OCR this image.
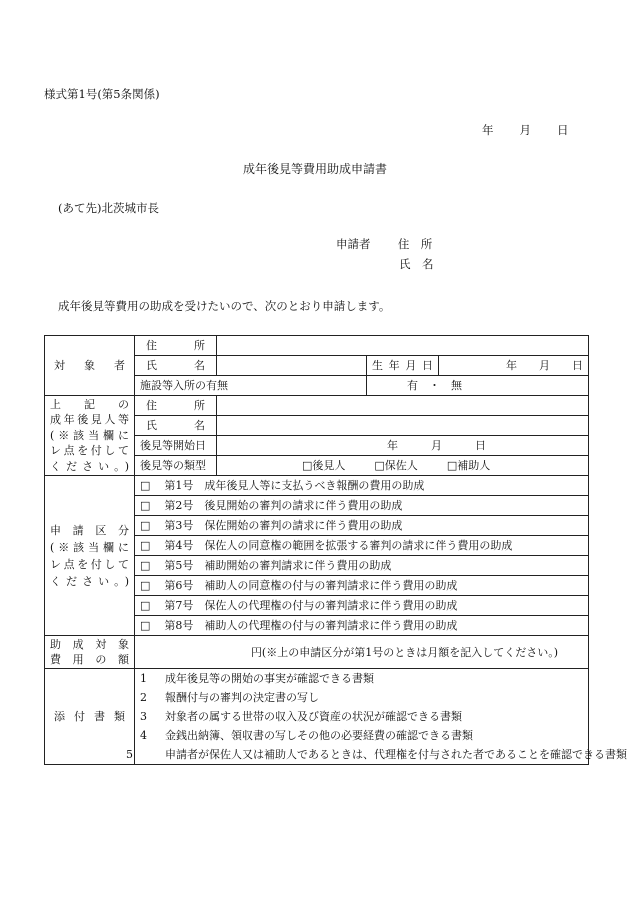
様式第1号(第5条関係)
年　　月　　日
成年後見等費用助成申請書
(あて先)北茨城市長
申請者 住　所
氏　名
成年後見等費用の助成を受けたいので、次のとおり申請します。
対象者	住所			

	氏名		生年月日	年　　月　　日
	施設等入所の有無		有　・　無	

上　記　の
成年後見人等
(※該当欄に
レ点を付して
ください。)	住所			

	氏名			

	後見等開始日	年　　　月　　　日		
	後見等の類型	□後見人 □保佐人 □補助人		

申請区分
(※該当欄に
レ点を付して
ください。)	□　 第1号　成年後見人等に支払うべき報酬の費用の助成			
	□　 第2号　後見開始の審判の請求に伴う費用の助成			
	□　 第3号　保佐開始の審判の請求に伴う費用の助成			
	□　 第4号　保佐人の同意権の範囲を拡張する審判の請求に伴う費用の助成			
	□　 第5号　補助開始の審判請求に伴う費用の助成			
	□　 第6号　補助人の同意権の付与の審判請求に伴う費用の助成			
	□　 第7号　保佐人の代理権の付与の審判請求に伴う費用の助成			
	□　 第8号　補助人の代理権の付与の審判請求に伴う費用の助成			

助成対象
費用の額	円(※上の申請区分が第1号のときは月額を記入してください。)			

添付書類	1　 成年後見等の開始の事実が確認できる書類
2　 報酬付与の審判の決定書の写し
3　 対象者の属する世帯の収入及び資産の状況が確認できる書類
4　 金銭出納簿、領収書の写しその他の必要経費の確認できる書類
5　 申請者が保佐人又は補助人であるときは、代理権を付与された者であることを確認できる書類			
